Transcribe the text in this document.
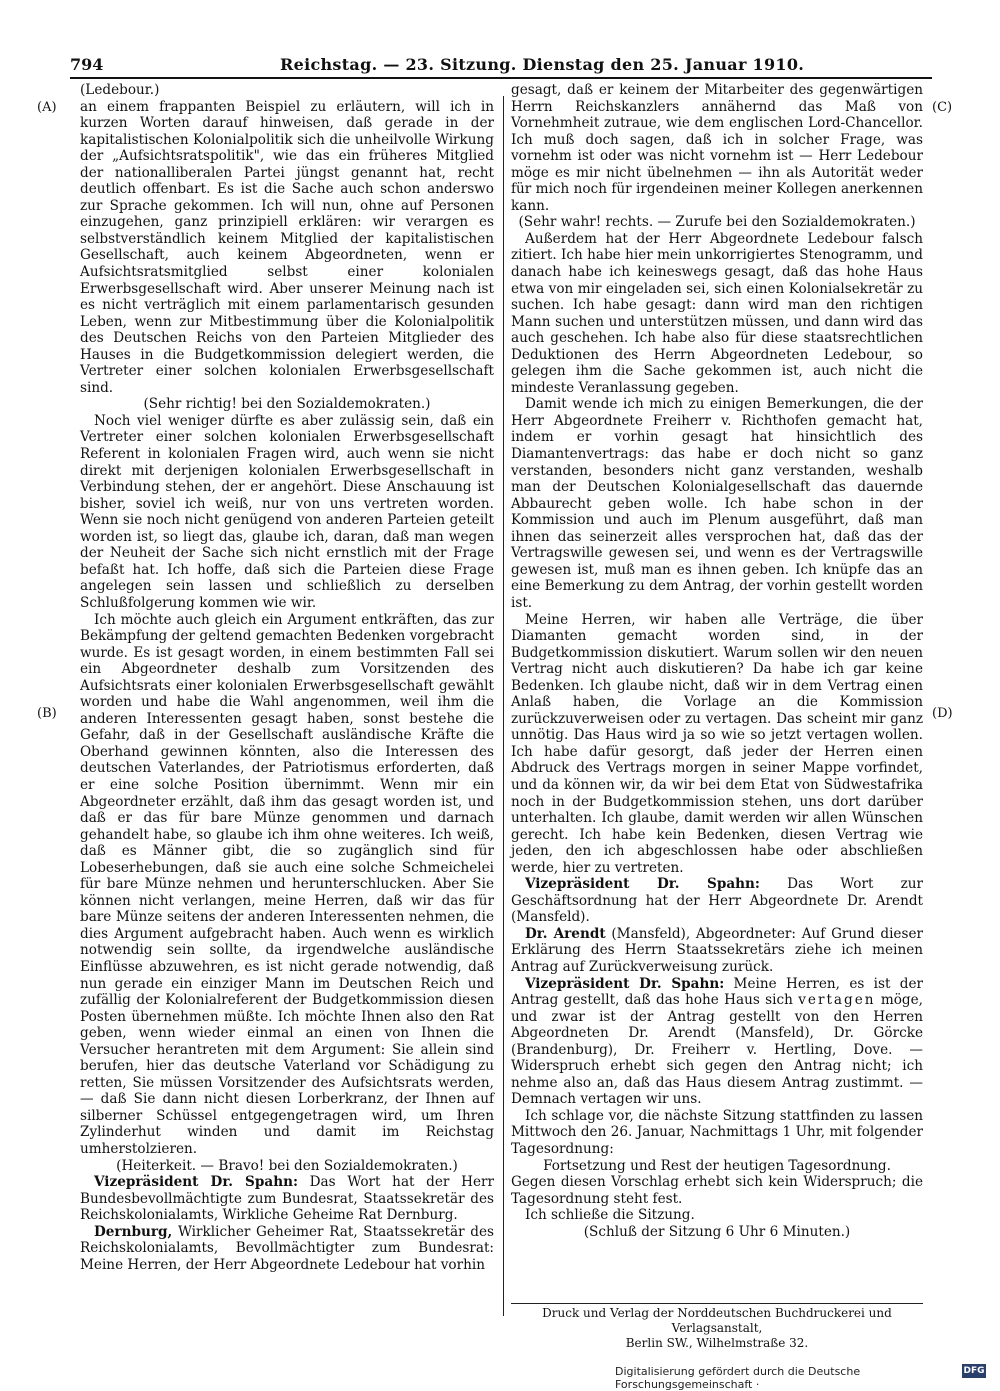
794	Reichstag. — 23. Sitzung. Dienstag den 25. Januar 1910.
(A)
(B)
(C)
(D)

(Ledebour.)

an einem frappanten Beispiel zu erläutern, will ich in kurzen Worten darauf hinweisen, daß gerade in der kapitalistischen Kolonialpolitik sich die unheilvolle Wirkung der „Aufsichtsratspolitik", wie das ein früheres Mitglied der nationalliberalen Partei jüngst genannt hat, recht deutlich offenbart. Es ist die Sache auch schon anderswo zur Sprache gekommen. Ich will nun, ohne auf Personen einzugehen, ganz prinzipiell erklären: wir verargen es selbstverständlich keinem Mitglied der kapitalistischen Gesellschaft, auch keinem Abgeordneten, wenn er Aufsichtsratsmitglied selbst einer kolonialen Erwerbsgesellschaft wird. Aber unserer Meinung nach ist es nicht verträglich mit einem parlamentarisch gesunden Leben, wenn zur Mitbestimmung über die Kolonialpolitik des Deutschen Reichs von den Parteien Mitglieder des Hauses in die Budgetkommission delegiert werden, die Vertreter einer solchen kolonialen Erwerbsgesellschaft sind.

(Sehr richtig! bei den Sozialdemokraten.)

Noch viel weniger dürfte es aber zulässig sein, daß ein Vertreter einer solchen kolonialen Erwerbsgesellschaft Referent in kolonialen Fragen wird, auch wenn sie nicht direkt mit derjenigen kolonialen Erwerbsgesellschaft in Verbindung stehen, der er angehört. Diese Anschauung ist bisher, soviel ich weiß, nur von uns vertreten worden. Wenn sie noch nicht genügend von anderen Parteien geteilt worden ist, so liegt das, glaube ich, daran, daß man wegen der Neuheit der Sache sich nicht ernstlich mit der Frage befaßt hat. Ich hoffe, daß sich die Parteien diese Frage angelegen sein lassen und schließlich zu derselben Schlußfolgerung kommen wie wir.

Ich möchte auch gleich ein Argument entkräften, das zur Bekämpfung der geltend gemachten Bedenken vorgebracht wurde. Es ist gesagt worden, in einem bestimmten Fall sei ein Abgeordneter deshalb zum Vorsitzenden des Aufsichtsrats einer kolonialen Erwerbsgesellschaft gewählt worden und habe die Wahl angenommen, weil ihm die anderen Interessenten gesagt haben, sonst bestehe die Gefahr, daß in der Gesellschaft ausländische Kräfte die Oberhand gewinnen könnten, also die Interessen des deutschen Vaterlandes, der Patriotismus erforderten, daß er eine solche Position übernimmt. Wenn mir ein Abgeordneter erzählt, daß ihm das gesagt worden ist, und daß er das für bare Münze genommen und darnach gehandelt habe, so glaube ich ihm ohne weiteres. Ich weiß, daß es Männer gibt, die so zugänglich sind für Lobeserhebungen, daß sie auch eine solche Schmeichelei für bare Münze nehmen und herunterschlucken. Aber Sie können nicht verlangen, meine Herren, daß wir das für bare Münze seitens der anderen Interessenten nehmen, die dies Argument aufgebracht haben. Auch wenn es wirklich notwendig sein sollte, da irgendwelche ausländische Einflüsse abzuwehren, es ist nicht gerade notwendig, daß nun gerade ein einziger Mann im Deutschen Reich und zufällig der Kolonialreferent der Budgetkommission diesen Posten übernehmen müßte. Ich möchte Ihnen also den Rat geben, wenn wieder einmal an einen von Ihnen die Versucher herantreten mit dem Argument: Sie allein sind berufen, hier das deutsche Vaterland vor Schädigung zu retten, Sie müssen Vorsitzender des Aufsichtsrats werden, — daß Sie dann nicht diesen Lorberkranz, der Ihnen auf silberner Schüssel entgegengetragen wird, um Ihren Zylinderhut winden und damit im Reichstag umherstolzieren.

(Heiterkeit. — Bravo! bei den Sozialdemokraten.)

Vizepräsident Dr. Spahn: Das Wort hat der Herr Bundesbevollmächtigte zum Bundesrat, Staatssekretär des Reichskolonialamts, Wirkliche Geheime Rat Dernburg.

Dernburg, Wirklicher Geheimer Rat, Staatssekretär des Reichskolonialamts, Bevollmächtigter zum Bundesrat: Meine Herren, der Herr Abgeordnete Ledebour hat vorhin

gesagt, daß er keinem der Mitarbeiter des gegenwärtigen Herrn Reichskanzlers annähernd das Maß von Vornehmheit zutraue, wie dem englischen Lord-Chancellor. Ich muß doch sagen, daß ich in solcher Frage, was vornehm ist oder was nicht vornehm ist — Herr Ledebour möge es mir nicht übelnehmen — ihn als Autorität weder für mich noch für irgendeinen meiner Kollegen anerkennen kann.

(Sehr wahr! rechts. — Zurufe bei den Sozialdemokraten.)

Außerdem hat der Herr Abgeordnete Ledebour falsch zitiert. Ich habe hier mein unkorrigiertes Stenogramm, und danach habe ich keineswegs gesagt, daß das hohe Haus etwa von mir eingeladen sei, sich einen Kolonialsekretär zu suchen. Ich habe gesagt: dann wird man den richtigen Mann suchen und unterstützen müssen, und dann wird das auch geschehen. Ich habe also für diese staatsrechtlichen Deduktionen des Herrn Abgeordneten Ledebour, so gelegen ihm die Sache gekommen ist, auch nicht die mindeste Veranlassung gegeben.

Damit wende ich mich zu einigen Bemerkungen, die der Herr Abgeordnete Freiherr v. Richthofen gemacht hat, indem er vorhin gesagt hat hinsichtlich des Diamantenvertrags: das habe er doch nicht so ganz verstanden, besonders nicht ganz verstanden, weshalb man der Deutschen Kolonialgesellschaft das dauernde Abbaurecht geben wolle. Ich habe schon in der Kommission und auch im Plenum ausgeführt, daß man ihnen das seinerzeit alles versprochen hat, daß das der Vertragswille gewesen sei, und wenn es der Vertragswille gewesen ist, muß man es ihnen geben. Ich knüpfe das an eine Bemerkung zu dem Antrag, der vorhin gestellt worden ist.

Meine Herren, wir haben alle Verträge, die über Diamanten gemacht worden sind, in der Budgetkommission diskutiert. Warum sollen wir den neuen Vertrag nicht auch diskutieren? Da habe ich gar keine Bedenken. Ich glaube nicht, daß wir in dem Vertrag einen Anlaß haben, die Vorlage an die Kommission zurückzuverweisen oder zu vertagen. Das scheint mir ganz unnötig. Das Haus wird ja so wie so jetzt vertagen wollen. Ich habe dafür gesorgt, daß jeder der Herren einen Abdruck des Vertrags morgen in seiner Mappe vorfindet, und da können wir, da wir bei dem Etat von Südwestafrika noch in der Budgetkommission stehen, uns dort darüber unterhalten. Ich glaube, damit werden wir allen Wünschen gerecht. Ich habe kein Bedenken, diesen Vertrag wie jeden, den ich abgeschlossen habe oder abschließen werde, hier zu vertreten.

Vizepräsident Dr. Spahn: Das Wort zur Geschäftsordnung hat der Herr Abgeordnete Dr. Arendt (Mansfeld).

Dr. Arendt (Mansfeld), Abgeordneter: Auf Grund dieser Erklärung des Herrn Staatssekretärs ziehe ich meinen Antrag auf Zurückverweisung zurück.

Vizepräsident Dr. Spahn: Meine Herren, es ist der Antrag gestellt, daß das hohe Haus sich vertagen möge, und zwar ist der Antrag gestellt von den Herren Abgeordneten Dr. Arendt (Mansfeld), Dr. Görcke (Brandenburg), Dr. Freiherr v. Hertling, Dove. — Widerspruch erhebt sich gegen den Antrag nicht; ich nehme also an, daß das Haus diesem Antrag zustimmt. — Demnach vertagen wir uns.

Ich schlage vor, die nächste Sitzung stattfinden zu lassen Mittwoch den 26. Januar, Nachmittags 1 Uhr, mit folgender Tagesordnung:

Fortsetzung und Rest der heutigen Tagesordnung.

Gegen diesen Vorschlag erhebt sich kein Widerspruch; die Tagesordnung steht fest.

Ich schließe die Sitzung.

(Schluß der Sitzung 6 Uhr 6 Minuten.)

Druck und Verlag der Norddeutschen Buchdruckerei und Verlagsanstalt,
Berlin SW., Wilhelmstraße 32.
Digitalisierung gefördert durch die Deutsche Forschungsgemeinschaft ·
DFG
